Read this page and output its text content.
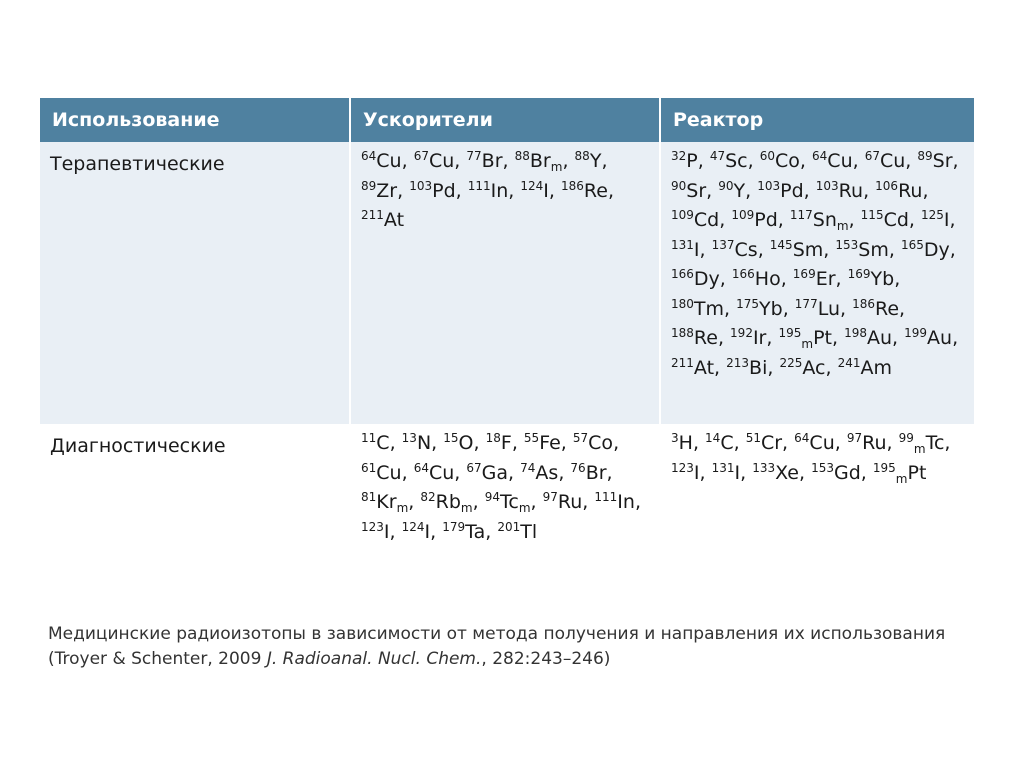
Использование	Ускорители	Реактор
Терапевтические	$^{64}$Cu, $^{67}$Cu, $^{77}$Br, $^{88}Br_m$, $^{88}$Y, $^{89}$Zr, $^{103}$Pd, $^{111}$In, $^{124}$I, $^{186}$Re, $^{211}$At	$^{32}$P, $^{47}$Sc, $^{60}$Co, $^{64}$Cu, $^{67}$Cu, $^{89}$Sr, $^{90}$Sr, $^{90}$Y, $^{103}$Pd, $^{103}$Ru, $^{106}$Ru, $^{109}$Cd, $^{109}$Pd, $^{117}Sn_m$, $^{115}$Cd, $^{125}$I, $^{131}$I, $^{137}$Cs, $^{145}$Sm, $^{153}$Sm, $^{165}$Dy, $^{166}$Dy, $^{166}$Ho, $^{169}$Er, $^{169}$Yb, $^{180}$Tm, $^{175}$Yb, $^{177}$Lu, $^{186}$Re, $^{188}$Re, $^{192}$Ir, $^{195}_m$Pt, $^{198}$Au, $^{199}$Au, $^{211}$At, $^{213}$Bi, $^{225}$Ac, $^{241}$Am
Диагностические	$^{11}$C, $^{13}$N, $^{15}$O, $^{18}$F, $^{55}$Fe, $^{57}$Co, $^{61}$Cu, $^{64}$Cu, $^{67}$Ga, $^{74}$As, $^{76}$Br, $^{81}Kr_m$, $^{82}Rb_m$, $^{94}Tc_m$, $^{97}$Ru, $^{111}$In, $^{123}$I, $^{124}$I, $^{179}$Ta, $^{201}$Tl	$^3$H, $^{14}$C, $^{51}$Cr, $^{64}$Cu, $^{97}$Ru, $^{99}_m$Tc, $^{123}$I, $^{131}$I, $^{133}$Xe, $^{153}$Gd, $^{195}_m$Pt
Медицинские радиоизотопы в зависимости от метода получения и направления их использования (Troyer & Schenter, 2009 J. Radioanal. Nucl. Chem., 282:243–246)
